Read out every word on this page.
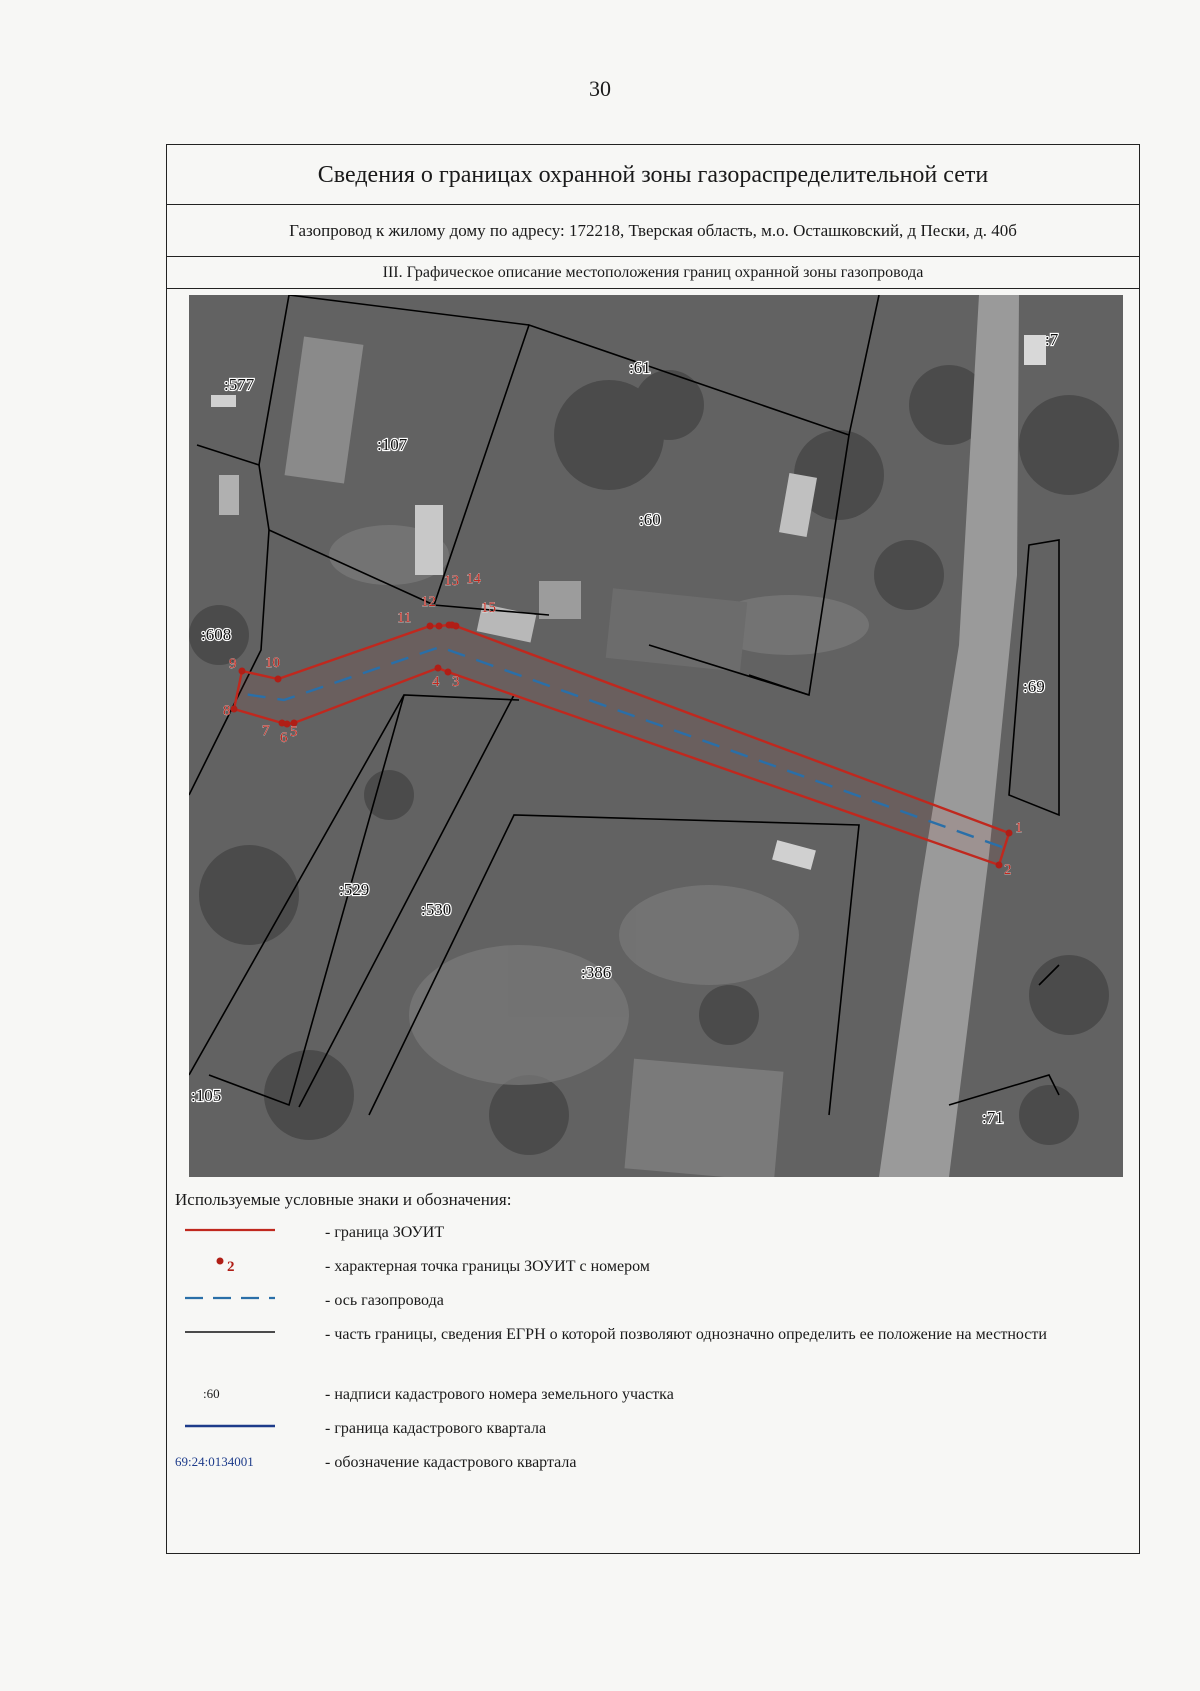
30
Сведения о границах охранной зоны газораспределительной сети
Газопровод к жилому дому по адресу: 172218, Тверская область, м.о. Осташковский, д Пески, д. 40б
III. Графическое описание местоположения границ охранной зоны газопровода
1
2
3
4
5
6
7
8
9 10
11
12
13 14
15
:577
:107
:61
:60
:608
:69
:529
:530
:386
:105
:71
:7
Используемые условные знаки и обозначения:
- граница ЗОУИТ
2	- характерная точка границы ЗОУИТ с номером
- ось газопровода
- часть границы, сведения ЕГРН о которой позволяют однозначно определить ее положение на местности
:60	- надписи кадастрового номера земельного участка
- граница кадастрового квартала
69:24:0134001	- обозначение кадастрового квартала
